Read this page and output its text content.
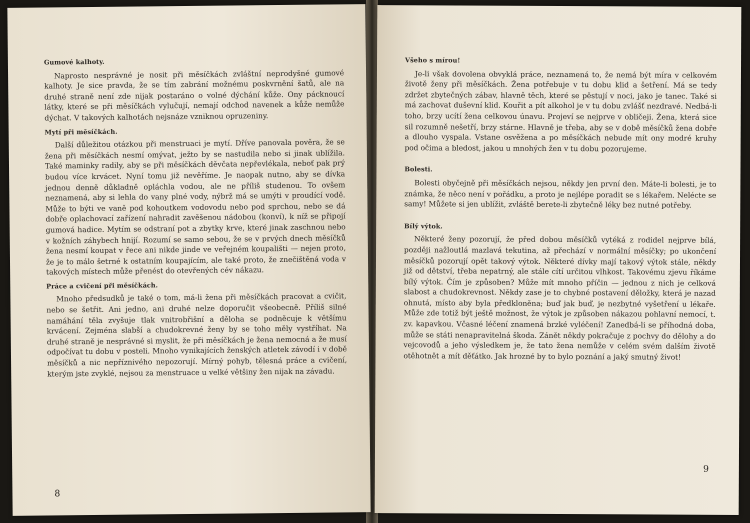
Gumové kalhoty.

Naprosto nesprávné je nosit při měsíčkách zvláštní neprodyšné gumové kalhoty. Je sice pravda, že se tím zabrání možnému poskvrnění šatů, ale na druhé straně není zde nijak postaráno o volné dýchání kůže. Ony pácknoucí látky, které se při měsíčkách vylučují, nemají odchod navenek a kůže nemůže dýchat. V takových kalhotách nejsnáze vzniknou opruzeniny.

Mytí při měsíčkách.

Další důležitou otázkou při menstruaci je mytí. Dříve panovala pověra, že se žena při měsíčkách nesmí omývat, ježto by se nastudila nebo si jinak ublížila. Také maminky radily, aby se při měsíčkách děvčata nepřevlékala, neboť pak prý budou více krvácet. Nyní tomu již nevěříme. Je naopak nutno, aby se dívka jednou denně důkladně opláchla vodou, ale ne příliš studenou. To ovšem neznamená, aby si lehla do vany plné vody, nýbrž má se umýti v proudící vodě. Může to býti ve vaně pod kohoutkem vodovodu nebo pod sprchou, nebo se dá dobře oplachovací zařízení nahradit zavěšenou nádobou (konví), k níž se připojí gumová hadice. Mytím se odstraní pot a zbytky krve, které jinak zaschnou nebo v kožních záhybech hnijí. Rozumí se samo sebou, že se v prvých dnech měsíčků žena nesmí koupat v řece ani nikde jinde ve veřejném koupališti — nejen proto, že je to málo šetrné k ostatním koupajícím, ale také proto, že znečištěná voda v takových místech může přenést do otevřených cév nákazu.

Práce a cvičení při měsíčkách.

Mnoho předsudků je také o tom, má-li žena při měsíčkách pracovat a cvičit, nebo se šetřit. Ani jedno, ani druhé nelze doporučit všeobecně. Příliš silné namáhání těla zvyšuje tlak vnitrobřišní a děloha se podněcuje k většímu krvácení. Zejména slabší a chudokrevné ženy by se toho měly vystříhat. Na druhé straně je nesprávné si myslit, že při měsíčkách je žena nemocná a že musí odpočívat tu dobu v posteli. Mnoho vynikajících ženských atletek závodí i v době měsíčků a nic nepříznivého nepozorují. Mírný pohyb, tělesná práce a cvičení, kterým jste zvyklé, nejsou za menstruace u velké většiny žen nijak na závadu.

8
Všeho s mírou!

Je-li však dovolena obvyklá práce, neznamená to, že nemá být míra v celkovém životě ženy při měsíčkách. Žena potřebuje v tu dobu klid a šetření. Má se tedy zdržet zbytečných zábav, hlavně těch, které se pěstují v noci, jako je tanec. Také si má zachovat duševní klid. Kouřit a pít alkohol je v tu dobu zvlášť nezdravé. Nedbá-li toho, brzy ucítí žena celkovou únavu. Projeví se nejprve v obličeji. Žena, která sice sil rozumně nešetří, brzy stárne. Hlavně je třeba, aby se v době měsíčků žena dobře a dlouho vyspala. Vstane osvěžena a po měsíčkách nebude mít ony modré kruhy pod očima a bledost, jakou u mnohých žen v tu dobu pozorujeme.

Bolesti.

Bolesti obyčejně při měsíčkách nejsou, někdy jen první den. Máte-li bolesti, je to známka, že něco není v pořádku, a proto je nejlépe poradit se s lékařem. Nelécte se samy! Můžete si jen ublížit, zvláště berete-li zbytečně léky bez nutné potřeby.

Bílý výtok.

Některé ženy pozorují, že před dobou měsíčků vytéká z rodidel nejprve bílá, později nažloutlá mazlavá tekutina, až přechází v normální měsíčky; po ukončení měsíčků pozorují opět takový výtok. Některé dívky mají takový výtok stále, někdy již od dětství, třeba nepatrný, ale stále cítí určitou vlhkost. Takovému zjevu říkáme bílý výtok. Čím je způsoben? Může mít mnoho příčin — jednou z nich je celková slabost a chudokrevnost. Někdy zase je to chybné postavení děložky, která je nazad ohnutá, místo aby byla předkloněna; buď jak buď, je nezbytné vyšetření u lékaře. Může zde totiž být ještě možnost, že výtok je způsoben nákazou pohlavní nemocí, t. zv. kapavkou. Včasné léčení znamená brzké vyléčení! Zanedbá-li se příhodná doba, může se státi nenapravitelná škoda. Zánět někdy pokračuje z pochvy do dělohy a do vejcovodů a jeho výsledkem je, že tato žena nemůže v celém svém dalším životě otěhotnět a mít děťátko. Jak hrozné by to bylo poznání a jaký smutný život!

9
